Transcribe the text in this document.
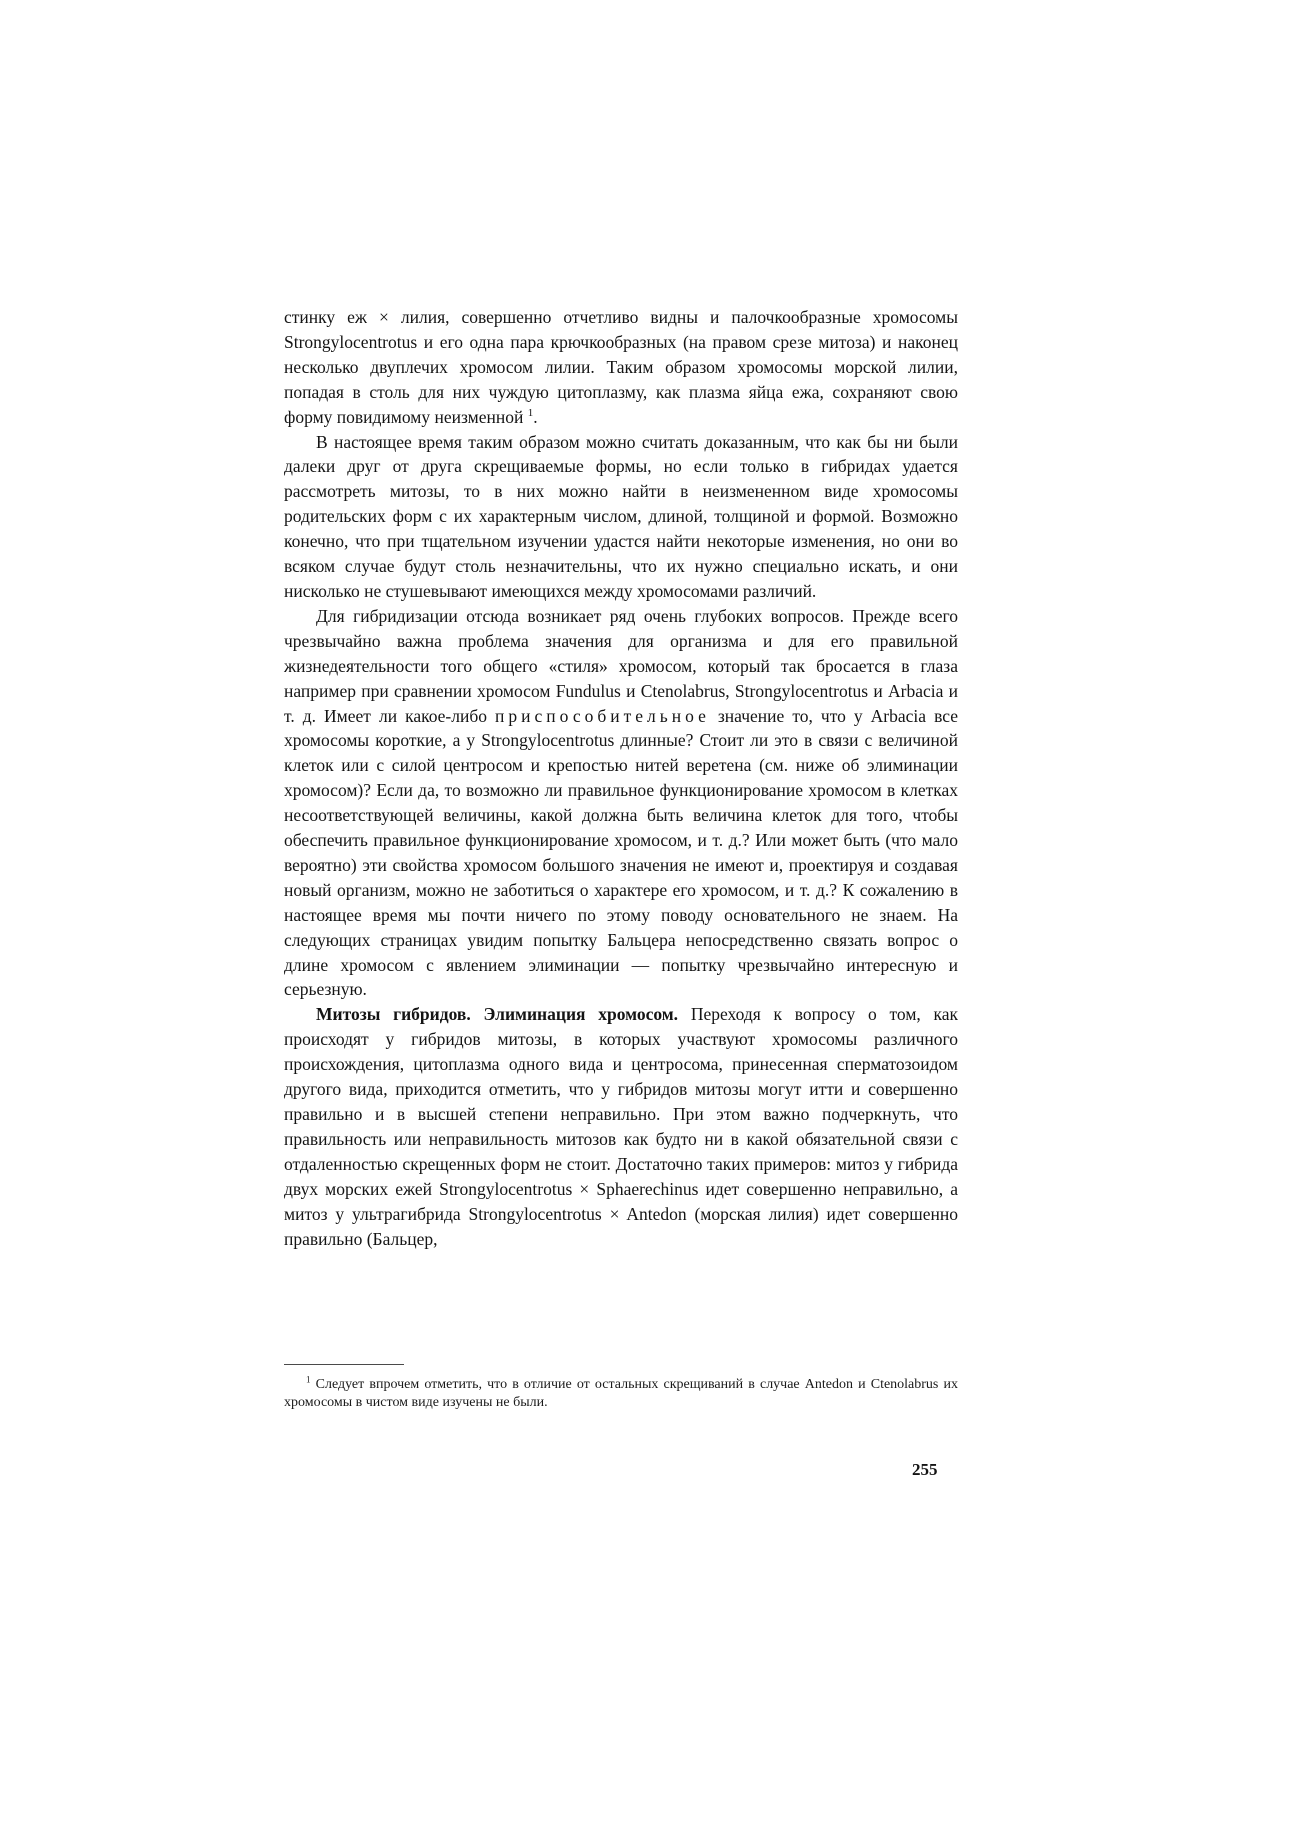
стинку еж × лилия, совершенно отчетливо видны и палочкообразные хромосомы Strongylocentrotus и его одна пара крючкообразных (на правом срезе митоза) и наконец несколько двуплечих хромосом лилии. Таким образом хромосомы морской лилии, попадая в столь для них чуждую цитоплазму, как плазма яйца ежа, сохраняют свою форму повидимому неизменной $^1$.

В настоящее время таким образом можно считать доказанным, что как бы ни были далеки друг от друга скрещиваемые формы, но если только в гибридах удается рассмотреть митозы, то в них можно найти в неизмененном виде хромосомы родительских форм с их характерным числом, длиной, толщиной и формой. Возможно конечно, что при тщательном изучении удастся найти некоторые изменения, но они во всяком случае будут столь незначительны, что их нужно специально искать, и они нисколько не стушевывают имеющихся между хромосомами различий.

Для гибридизации отсюда возникает ряд очень глубоких вопросов. Прежде всего чрезвычайно важна проблема значения для организма и для его правильной жизнедеятельности того общего «стиля» хромосом, который так бросается в глаза например при сравнении хромосом Fundulus и Ctenolabrus, Strongylocentrotus и Arbacia и т. д. Имеет ли какое-либо приспособительное значение то, что у Arbacia все хромосомы короткие, а у Strongylocentrotus длинные? Стоит ли это в связи с величиной клеток или с силой центросом и крепостью нитей веретена (см. ниже об элиминации хромосом)? Если да, то возможно ли правильное функционирование хромосом в клетках несоответствующей величины, какой должна быть величина клеток для того, чтобы обеспечить правильное функционирование хромосом, и т. д.? Или может быть (что мало вероятно) эти свойства хромосом большого значения не имеют и, проектируя и создавая новый организм, можно не заботиться о характере его хромосом, и т. д.? К сожалению в настоящее время мы почти ничего по этому поводу основательного не знаем. На следующих страницах увидим попытку Бальцера непосредственно связать вопрос о длине хромосом с явлением элиминации — попытку чрезвычайно интересную и серьезную.

Митозы гибридов. Элиминация хромосом. Переходя к вопросу о том, как происходят у гибридов митозы, в которых участвуют хромосомы различного происхождения, цитоплазма одного вида и центросома, принесенная сперматозоидом другого вида, приходится отметить, что у гибридов митозы могут итти и совершенно правильно и в высшей степени неправильно. При этом важно подчеркнуть, что правильность или неправильность митозов как будто ни в какой обязательной связи с отдаленностью скрещенных форм не стоит. Достаточно таких примеров: митоз у гибрида двух морских ежей Strongylocentrotus × Sphaerechinus идет совершенно неправильно, а митоз у ультрагибрида Strongylocentrotus × Antedon (морская лилия) идет совершенно правильно (Бальцер,

$^1$ Следует впрочем отметить, что в отличие от остальных скрещиваний в случае Antedon и Ctenolabrus их хромосомы в чистом виде изучены не были.
255
